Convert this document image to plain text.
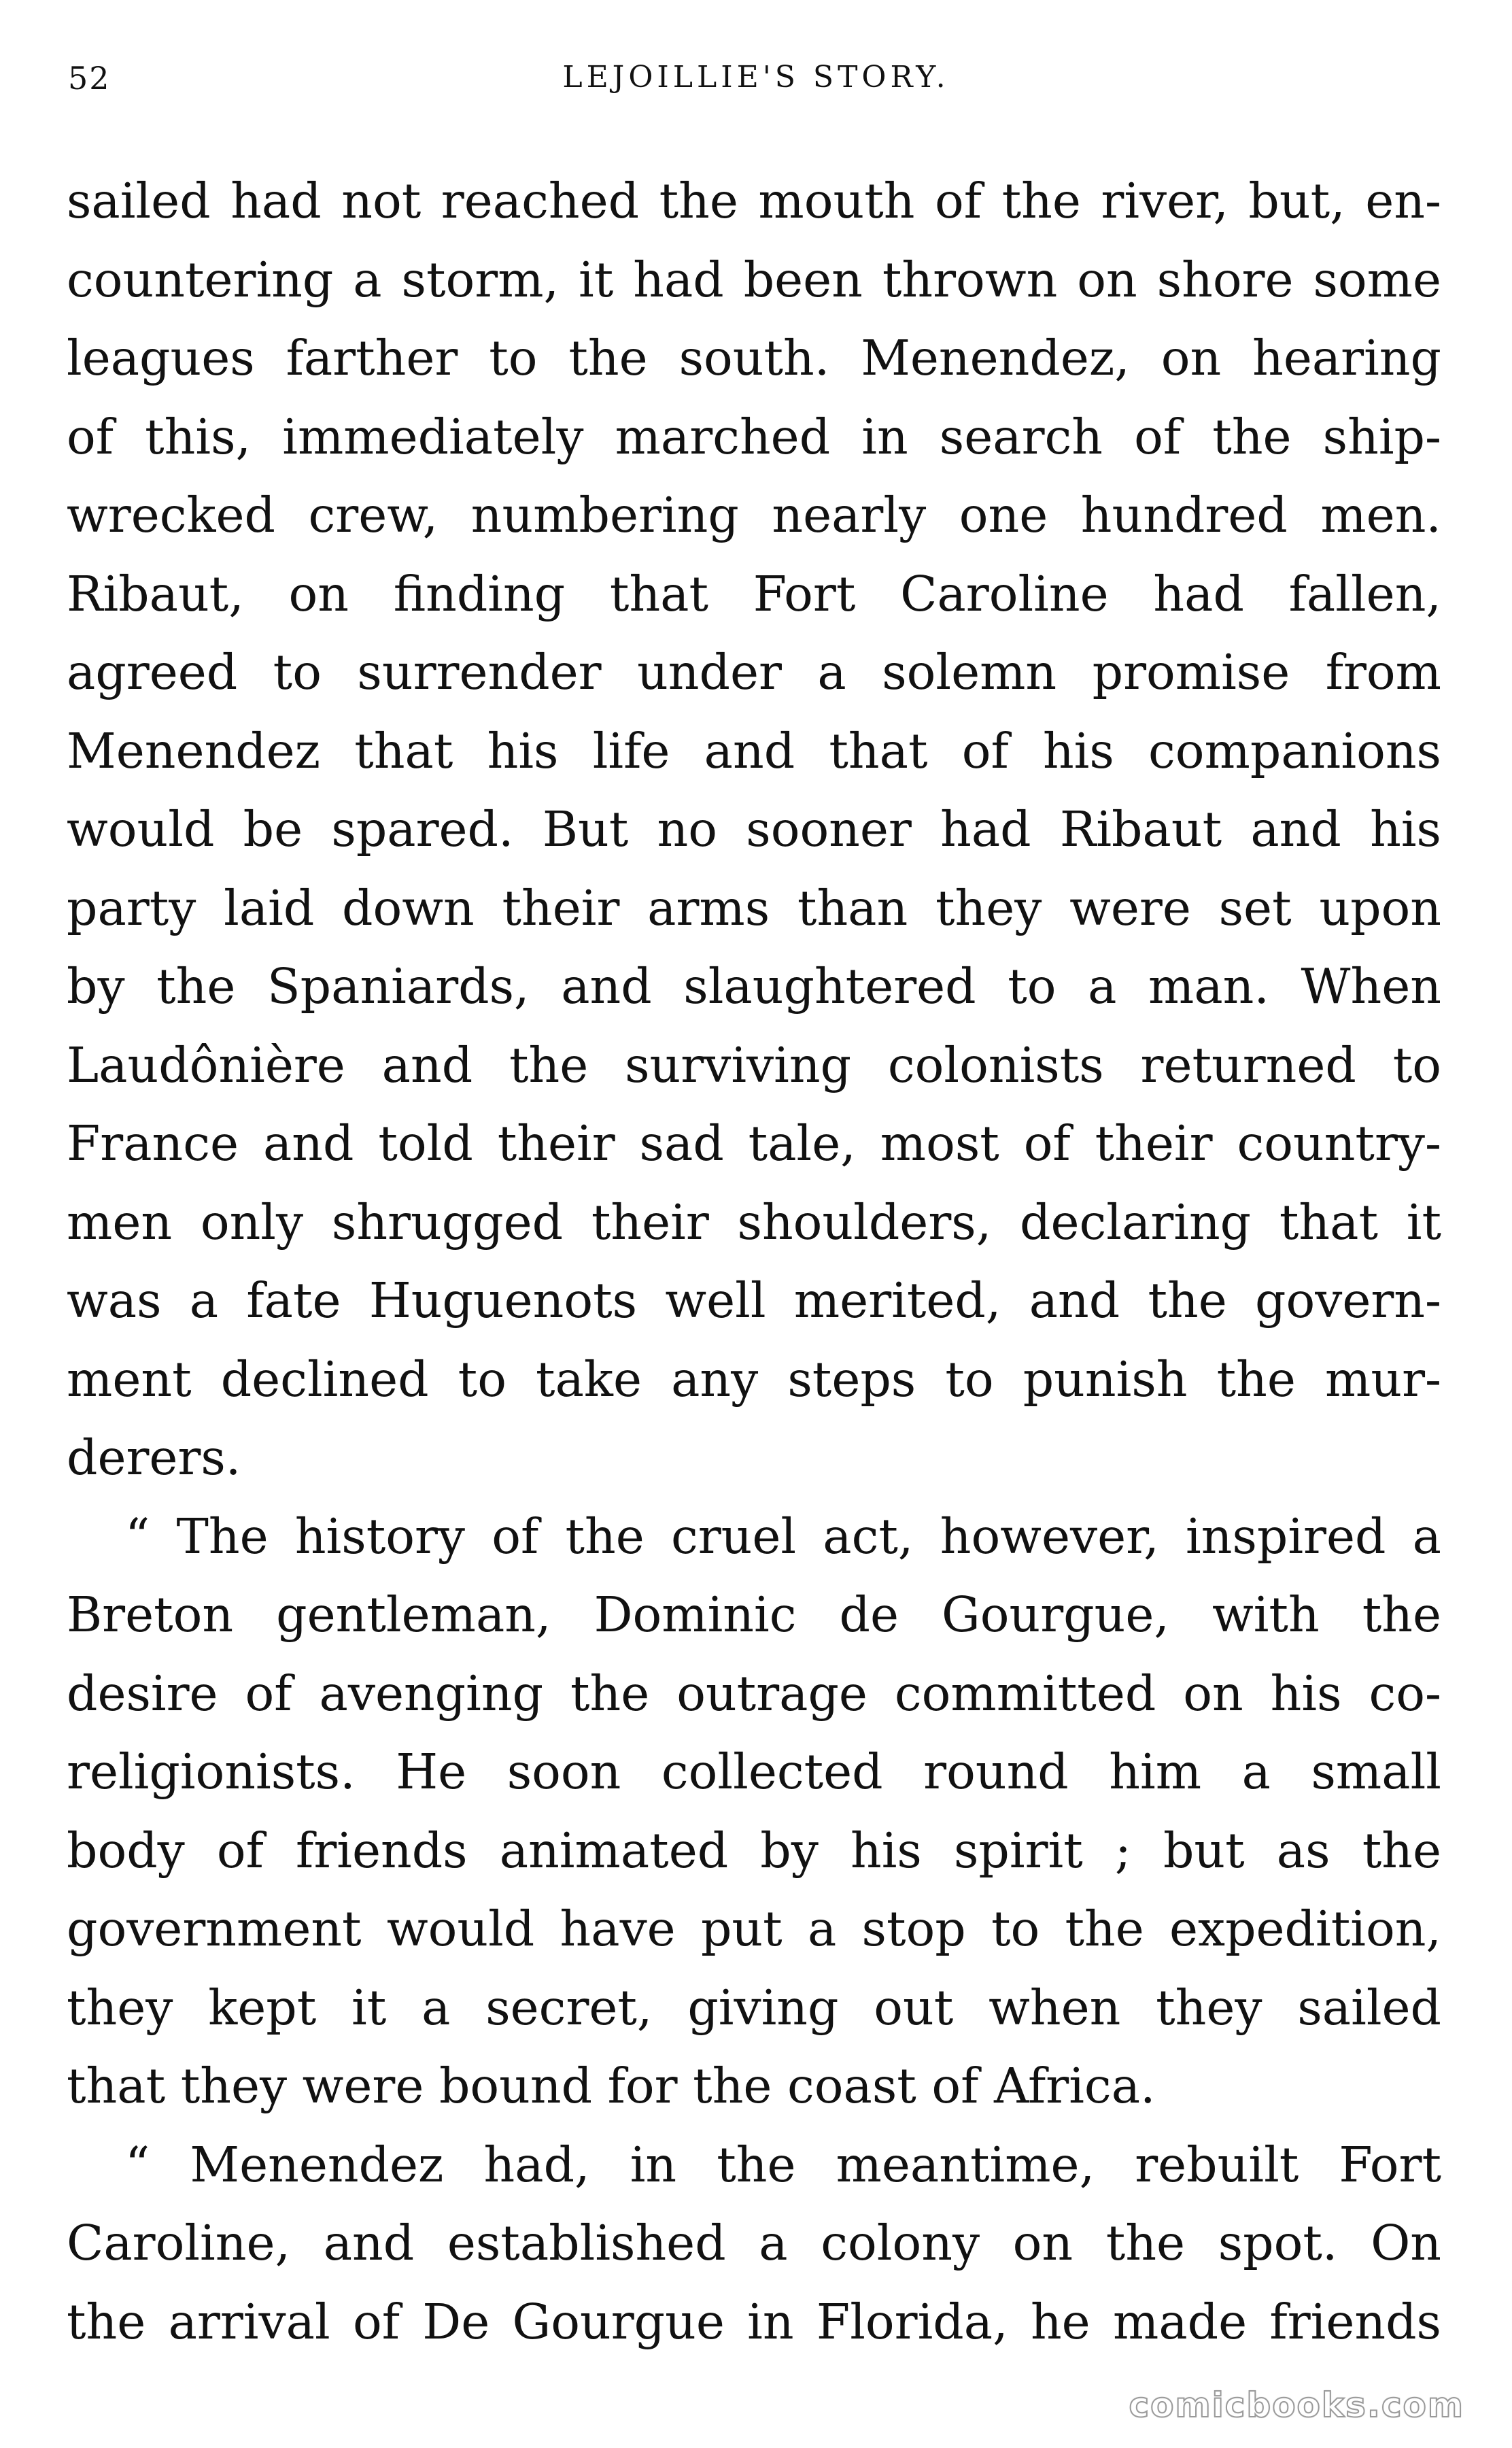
52	LEJOILLIE'S STORY.
sailed had not reached the mouth of the river, but, en-
countering a storm, it had been thrown on shore some
leagues farther to the south. Menendez, on hearing
of this, immediately marched in search of the ship-
wrecked crew, numbering nearly one hundred men.
Ribaut, on finding that Fort Caroline had fallen,
agreed to surrender under a solemn promise from
Menendez that his life and that of his companions
would be spared. But no sooner had Ribaut and his
party laid down their arms than they were set upon
by the Spaniards, and slaughtered to a man. When
Laudônière and the surviving colonists returned to
France and told their sad tale, most of their country-
men only shrugged their shoulders, declaring that it
was a fate Huguenots well merited, and the govern-
ment declined to take any steps to punish the mur-
derers.
“ The history of the cruel act, however, inspired a
Breton gentleman, Dominic de Gourgue, with the
desire of avenging the outrage committed on his co-
religionists. He soon collected round him a small
body of friends animated by his spirit ; but as the
government would have put a stop to the expedition,
they kept it a secret, giving out when they sailed
that they were bound for the coast of Africa.
“ Menendez had, in the meantime, rebuilt Fort
Caroline, and established a colony on the spot. On
the arrival of De Gourgue in Florida, he made friends
comicbooks.com
